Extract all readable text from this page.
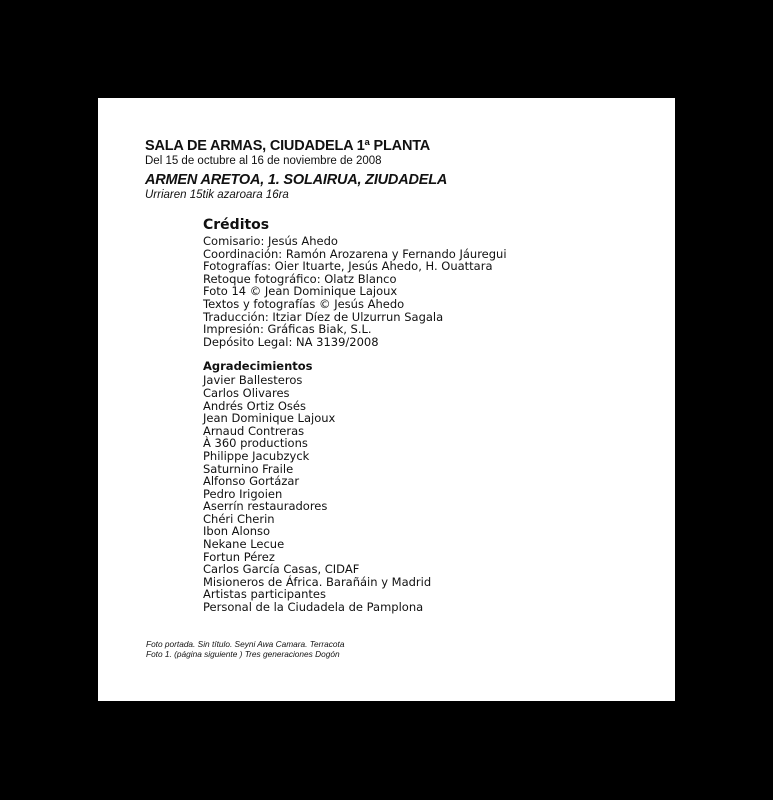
SALA DE ARMAS, CIUDADELA 1ª PLANTA
Del 15 de octubre al 16 de noviembre de 2008
ARMEN ARETOA, 1. SOLAIRUA, ZIUDADELA
Urriaren 15tik azaroara 16ra
Créditos
Comisario: Jesús Ahedo
Coordinación: Ramón Arozarena y Fernando Jáuregui
Fotografías: Oier Ituarte, Jesús Ahedo, H. Ouattara
Retoque fotográfico: Olatz Blanco
Foto 14 © Jean Dominique Lajoux
Textos y fotografías © Jesús Ahedo
Traducción: Itziar Díez de Ulzurrun Sagala
Impresión: Gráficas Biak, S.L.
Depósito Legal: NA 3139/2008
Agradecimientos
Javier Ballesteros
Carlos Olivares
Andrés Ortiz Osés
Jean Dominique Lajoux
Arnaud Contreras
À 360 productions
Philippe Jacubzyck
Saturnino Fraile
Alfonso Gortázar
Pedro Irigoien
Aserrín restauradores
Chéri Cherin
Ibon Alonso
Nekane Lecue
Fortun Pérez
Carlos García Casas, CIDAF
Misioneros de África. Barañáin y Madrid
Artistas participantes
Personal de la Ciudadela de Pamplona
Foto portada. Sin título. Seyni Awa Camara. Terracota
Foto 1. (página siguiente ) Tres generaciones Dogón
